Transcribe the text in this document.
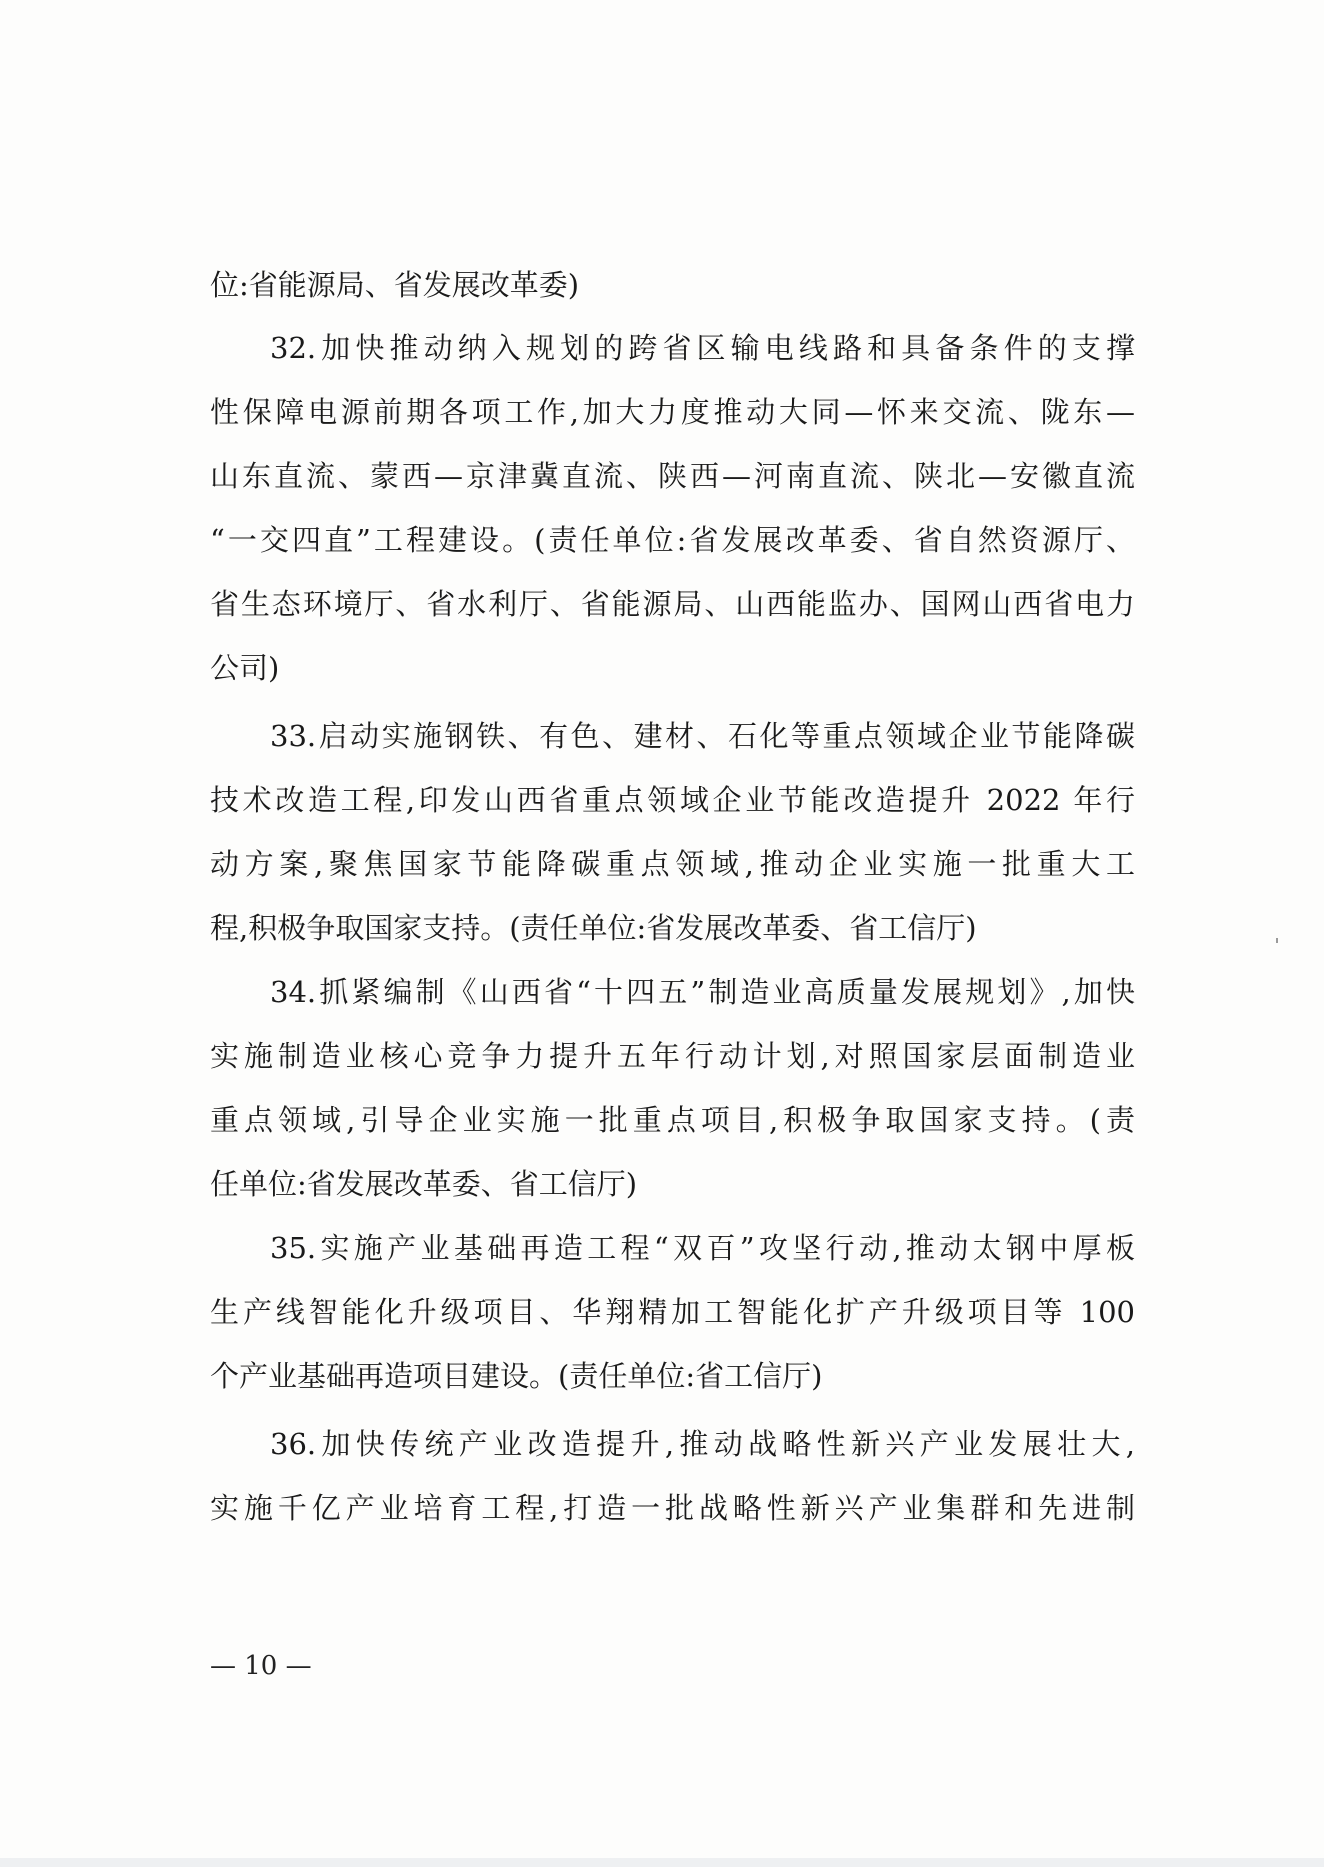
位:省能源局、省发展改革委)
32.加快推动纳入规划的跨省区输电线路和具备条件的支撑
性保障电源前期各项工作,加大力度推动大同—怀来交流、陇东—
山东直流、蒙西—京津冀直流、陕西—河南直流、陕北—安徽直流
“一交四直”工程建设。(责任单位:省发展改革委、省自然资源厅、
省生态环境厅、省水利厅、省能源局、山西能监办、国网山西省电力
公司)
33.启动实施钢铁、有色、建材、石化等重点领域企业节能降碳
技术改造工程,印发山西省重点领域企业节能改造提升 2022 年行
动方案,聚焦国家节能降碳重点领域,推动企业实施一批重大工
程,积极争取国家支持。(责任单位:省发展改革委、省工信厅)
34.抓紧编制《山西省“十四五”制造业高质量发展规划》,加快
实施制造业核心竞争力提升五年行动计划,对照国家层面制造业
重点领域,引导企业实施一批重点项目,积极争取国家支持。(责
任单位:省发展改革委、省工信厅)
35.实施产业基础再造工程“双百”攻坚行动,推动太钢中厚板
生产线智能化升级项目、华翔精加工智能化扩产升级项目等 100
个产业基础再造项目建设。(责任单位:省工信厅)
36.加快传统产业改造提升,推动战略性新兴产业发展壮大,
实施千亿产业培育工程,打造一批战略性新兴产业集群和先进制
— 10 —
